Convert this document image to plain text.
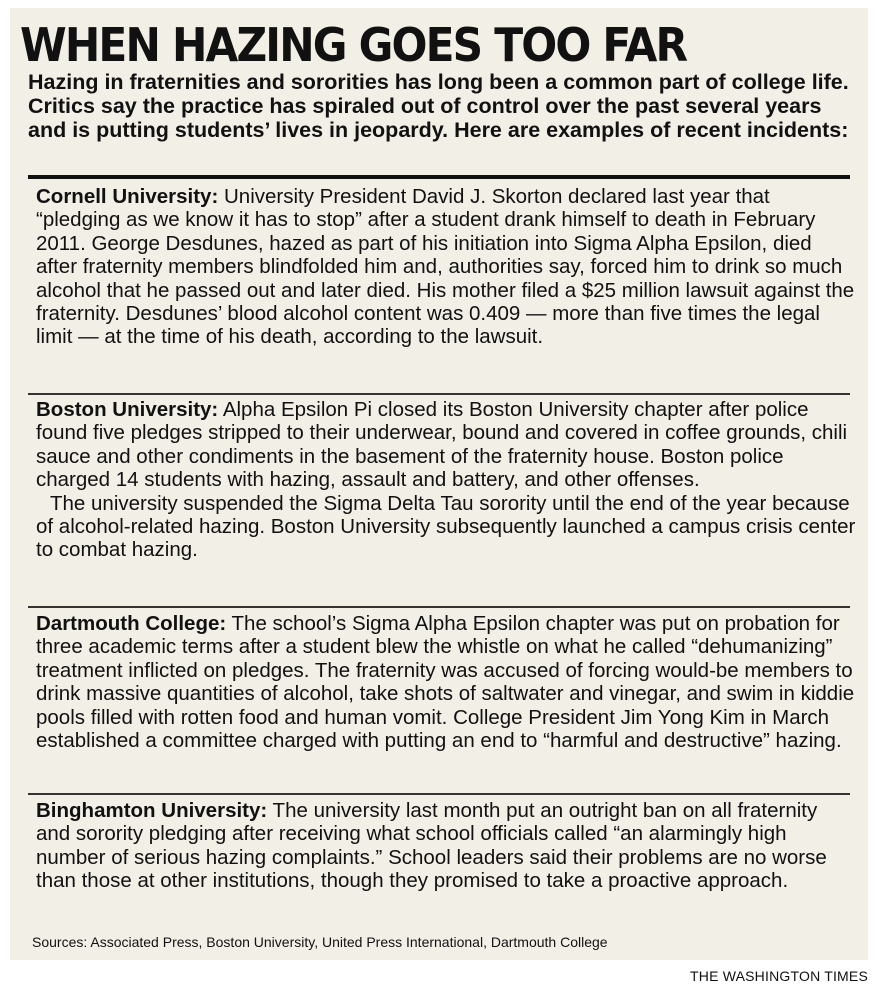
WHEN HAZING GOES TOO FAR

Hazing in fraternities and sororities has long been a common part of college life. Critics say the practice has spiraled out of control over the past several years and is putting students’ lives in jeopardy. Here are examples of recent incidents:

Cornell University: University President David J. Skorton declared last year that “pledging as we know it has to stop” after a student drank himself to death in February 2011. George Desdunes, hazed as part of his initiation into Sigma Alpha Epsilon, died after fraternity members blindfolded him and, authorities say, forced him to drink so much alcohol that he passed out and later died. His mother filed a $25 million lawsuit against the fraternity. Desdunes’ blood alcohol content was 0.409 — more than five times the legal limit — at the time of his death, according to the lawsuit.

Boston University: Alpha Epsilon Pi closed its Boston University chapter after police found five pledges stripped to their underwear, bound and covered in coffee grounds, chili sauce and other condiments in the basement of the fraternity house. Boston police charged 14 students with hazing, assault and battery, and other offenses.

The university suspended the Sigma Delta Tau sorority until the end of the year because of alcohol-related hazing. Boston University subsequently launched a campus crisis center to combat hazing.

Dartmouth College: The school’s Sigma Alpha Epsilon chapter was put on probation for three academic terms after a student blew the whistle on what he called “dehumanizing” treatment inflicted on pledges. The fraternity was accused of forcing would-be members to drink massive quantities of alcohol, take shots of saltwater and vinegar, and swim in kiddie pools filled with rotten food and human vomit. College President Jim Yong Kim in March established a committee charged with putting an end to “harmful and destructive” hazing.

Binghamton University: The university last month put an outright ban on all fraternity and sorority pledging after receiving what school officials called “an alarmingly high number of serious hazing complaints.” School leaders said their problems are no worse than those at other institutions, though they promised to take a proactive approach.

Sources: Associated Press, Boston University, United Press International, Dartmouth College
THE WASHINGTON TIMES
